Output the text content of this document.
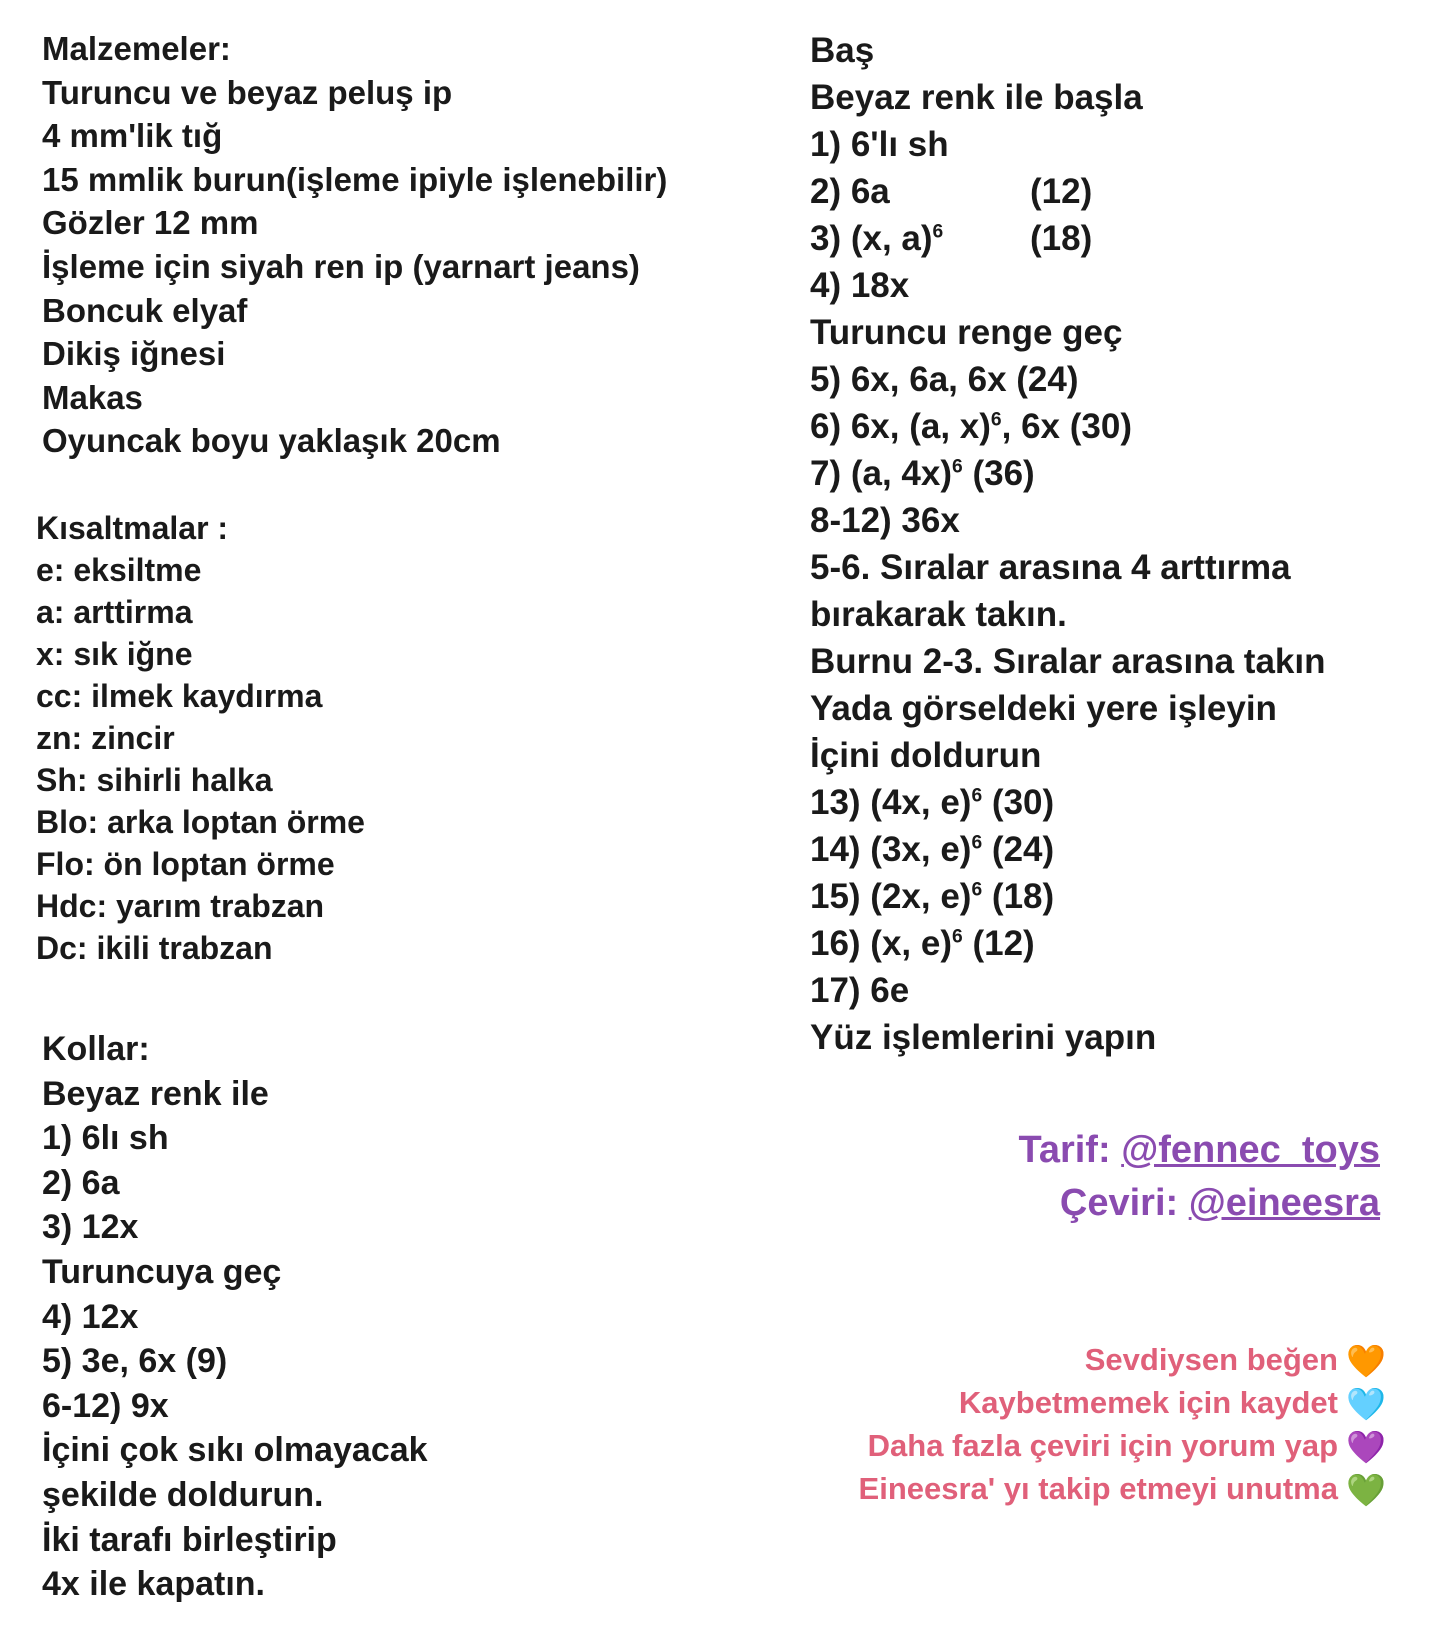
Malzemeler:

Turuncu ve beyaz peluş ip

4 mm'lik tığ

15 mmlik burun(işleme ipiyle işlenebilir)

Gözler 12 mm

İşleme için siyah ren ip (yarnart jeans)

Boncuk elyaf

Dikiş iğnesi

Makas

Oyuncak boyu yaklaşık 20cm

Kısaltmalar :

e: eksiltme

a: arttirma

x: sık iğne

cc: ilmek kaydırma

zn: zincir

Sh: sihirli halka

Blo: arka loptan örme

Flo: ön loptan örme

Hdc: yarım trabzan

Dc: ikili trabzan

Kollar:

Beyaz renk ile

1) 6lı sh

2) 6a

3) 12x

Turuncuya geç

4) 12x

5) 3e, 6x (9)

6-12) 9x

İçini çok sıkı olmayacak

şekilde doldurun.

İki tarafı birleştirip

4x ile kapatın.

Baş

Beyaz renk ile başla

1) 6'lı sh

2) 6a	(12)
3) (x, a)$^6$ (18)

4) 18x

Turuncu renge geç

5) 6x, 6a, 6x (24)

6) 6x, (a, x)$^6$, 6x (30)

7) (a, 4x)$^6$ (36)

8-12) 36x

5-6. Sıralar arasına 4 arttırma

bırakarak takın.

Burnu 2-3. Sıralar arasına takın

Yada görseldeki yere işleyin

İçini doldurun

13) (4x, e)$^6$ (30)

14) (3x, e)$^6$ (24)

15) (2x, e)$^6$ (18)

16) (x, e)$^6$ (12)

17) 6e

Yüz işlemlerini yapın

Tarif: @fennec_toys

Çeviri: @eineesra

Sevdiysen beğen 🧡

Kaybetmemek için kaydet 🩵

Daha fazla çeviri için yorum yap 💜

Eineesra' yı takip etmeyi unutma 💚
